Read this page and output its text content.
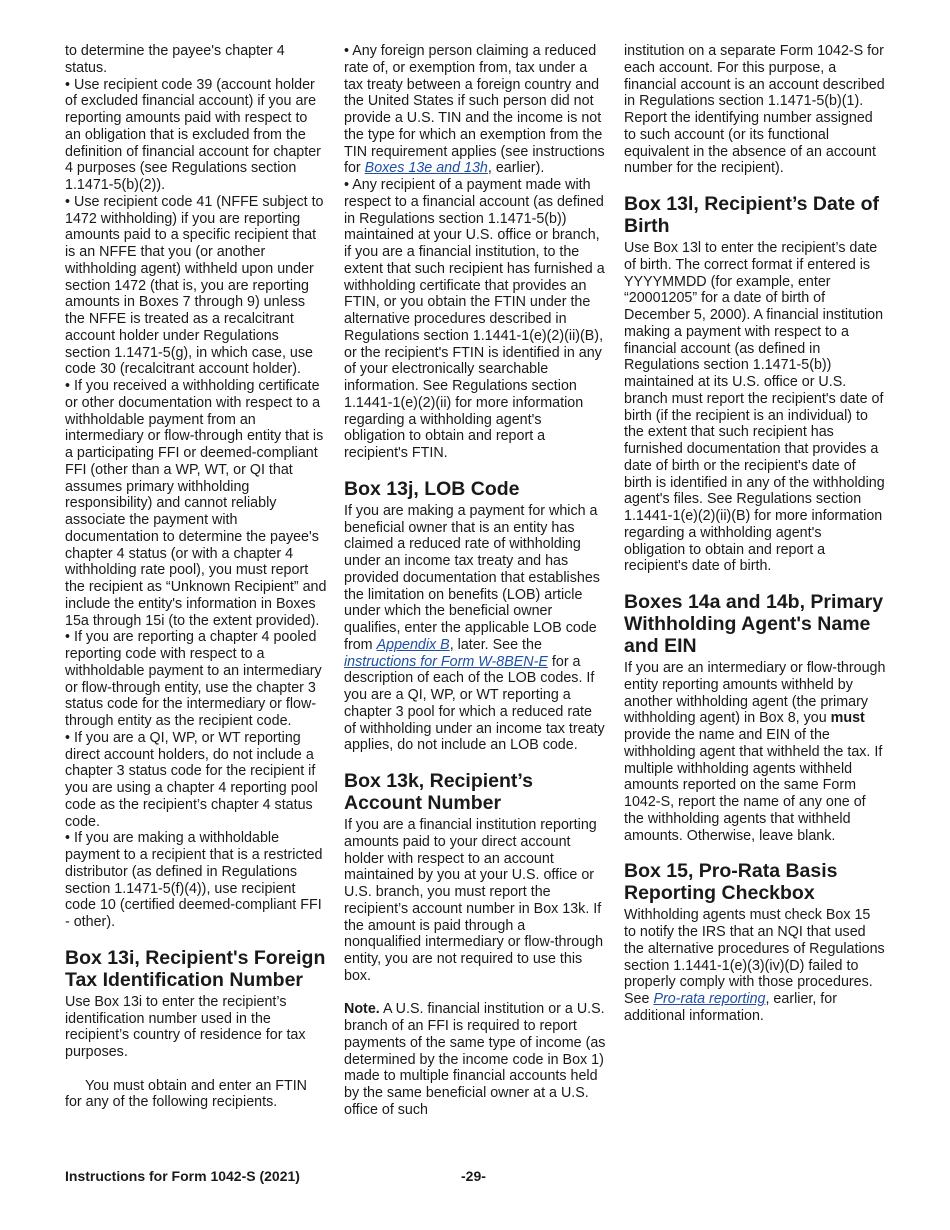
to determine the payee's chapter 4 status.

• Use recipient code 39 (account holder of excluded financial account) if you are reporting amounts paid with respect to an obligation that is excluded from the definition of financial account for chapter 4 purposes (see Regulations section 1.1471-5(b)(2)).

• Use recipient code 41 (NFFE subject to 1472 withholding) if you are reporting amounts paid to a specific recipient that is an NFFE that you (or another withholding agent) withheld upon under section 1472 (that is, you are reporting amounts in Boxes 7 through 9) unless the NFFE is treated as a recalcitrant account holder under Regulations section 1.1471-5(g), in which case, use code 30 (recalcitrant account holder).

• If you received a withholding certificate or other documentation with respect to a withholdable payment from an intermediary or flow-through entity that is a participating FFI or deemed-compliant FFI (other than a WP, WT, or QI that assumes primary withholding responsibility) and cannot reliably associate the payment with documentation to determine the payee's chapter 4 status (or with a chapter 4 withholding rate pool), you must report the recipient as “Unknown Recipient” and include the entity's information in Boxes 15a through 15i (to the extent provided).

• If you are reporting a chapter 4 pooled reporting code with respect to a withholdable payment to an intermediary or flow-through entity, use the chapter 3 status code for the intermediary or flow-through entity as the recipient code.

• If you are a QI, WP, or WT reporting direct account holders, do not include a chapter 3 status code for the recipient if you are using a chapter 4 reporting pool code as the recipient’s chapter 4 status code.

• If you are making a withholdable payment to a recipient that is a restricted distributor (as defined in Regulations section 1.1471-5(f)(4)), use recipient code 10 (certified deemed-compliant FFI - other).

Box 13i, Recipient's Foreign Tax Identification Number

Use Box 13i to enter the recipient’s identification number used in the recipient’s country of residence for tax purposes.

You must obtain and enter an FTIN for any of the following recipients.

• Any foreign person claiming a reduced rate of, or exemption from, tax under a tax treaty between a foreign country and the United States if such person did not provide a U.S. TIN and the income is not the type for which an exemption from the TIN requirement applies (see instructions for Boxes 13e and 13h, earlier).

• Any recipient of a payment made with respect to a financial account (as defined in Regulations section 1.1471-5(b)) maintained at your U.S. office or branch, if you are a financial institution, to the extent that such recipient has furnished a withholding certificate that provides an FTIN, or you obtain the FTIN under the alternative procedures described in Regulations section 1.1441-1(e)(2)(ii)(B), or the recipient's FTIN is identified in any of your electronically searchable information. See Regulations section 1.1441-1(e)(2)(ii) for more information regarding a withholding agent's obligation to obtain and report a recipient's FTIN.

Box 13j, LOB Code

If you are making a payment for which a beneficial owner that is an entity has claimed a reduced rate of withholding under an income tax treaty and has provided documentation that establishes the limitation on benefits (LOB) article under which the beneficial owner qualifies, enter the applicable LOB code from Appendix B, later. See the instructions for Form W-8BEN-E for a description of each of the LOB codes. If you are a QI, WP, or WT reporting a chapter 3 pool for which a reduced rate of withholding under an income tax treaty applies, do not include an LOB code.

Box 13k, Recipient’s Account Number

If you are a financial institution reporting amounts paid to your direct account holder with respect to an account maintained by you at your U.S. office or U.S. branch, you must report the recipient’s account number in Box 13k. If the amount is paid through a nonqualified intermediary or flow-through entity, you are not required to use this box.

Note. A U.S. financial institution or a U.S. branch of an FFI is required to report payments of the same type of income (as determined by the income code in Box 1) made to multiple financial accounts held by the same beneficial owner at a U.S. office of such

institution on a separate Form 1042-S for each account. For this purpose, a financial account is an account described in Regulations section 1.1471-5(b)(1). Report the identifying number assigned to such account (or its functional equivalent in the absence of an account number for the recipient).

Box 13l, Recipient’s Date of Birth

Use Box 13l to enter the recipient’s date of birth. The correct format if entered is YYYYMMDD (for example, enter “20001205” for a date of birth of December 5, 2000). A financial institution making a payment with respect to a financial account (as defined in Regulations section 1.1471-5(b)) maintained at its U.S. office or U.S. branch must report the recipient's date of birth (if the recipient is an individual) to the extent that such recipient has furnished documentation that provides a date of birth or the recipient's date of birth is identified in any of the withholding agent's files. See Regulations section 1.1441-1(e)(2)(ii)(B) for more information regarding a withholding agent's obligation to obtain and report a recipient's date of birth.

Boxes 14a and 14b, Primary Withholding Agent's Name and EIN

If you are an intermediary or flow-through entity reporting amounts withheld by another withholding agent (the primary withholding agent) in Box 8, you must provide the name and EIN of the withholding agent that withheld the tax. If multiple withholding agents withheld amounts reported on the same Form 1042-S, report the name of any one of the withholding agents that withheld amounts. Otherwise, leave blank.

Box 15, Pro-Rata Basis Reporting Checkbox

Withholding agents must check Box 15 to notify the IRS that an NQI that used the alternative procedures of Regulations section 1.1441-1(e)(3)(iv)(D) failed to properly comply with those procedures. See Pro-rata reporting, earlier, for additional information.

Instructions for Form 1042-S (2021)	-29-
